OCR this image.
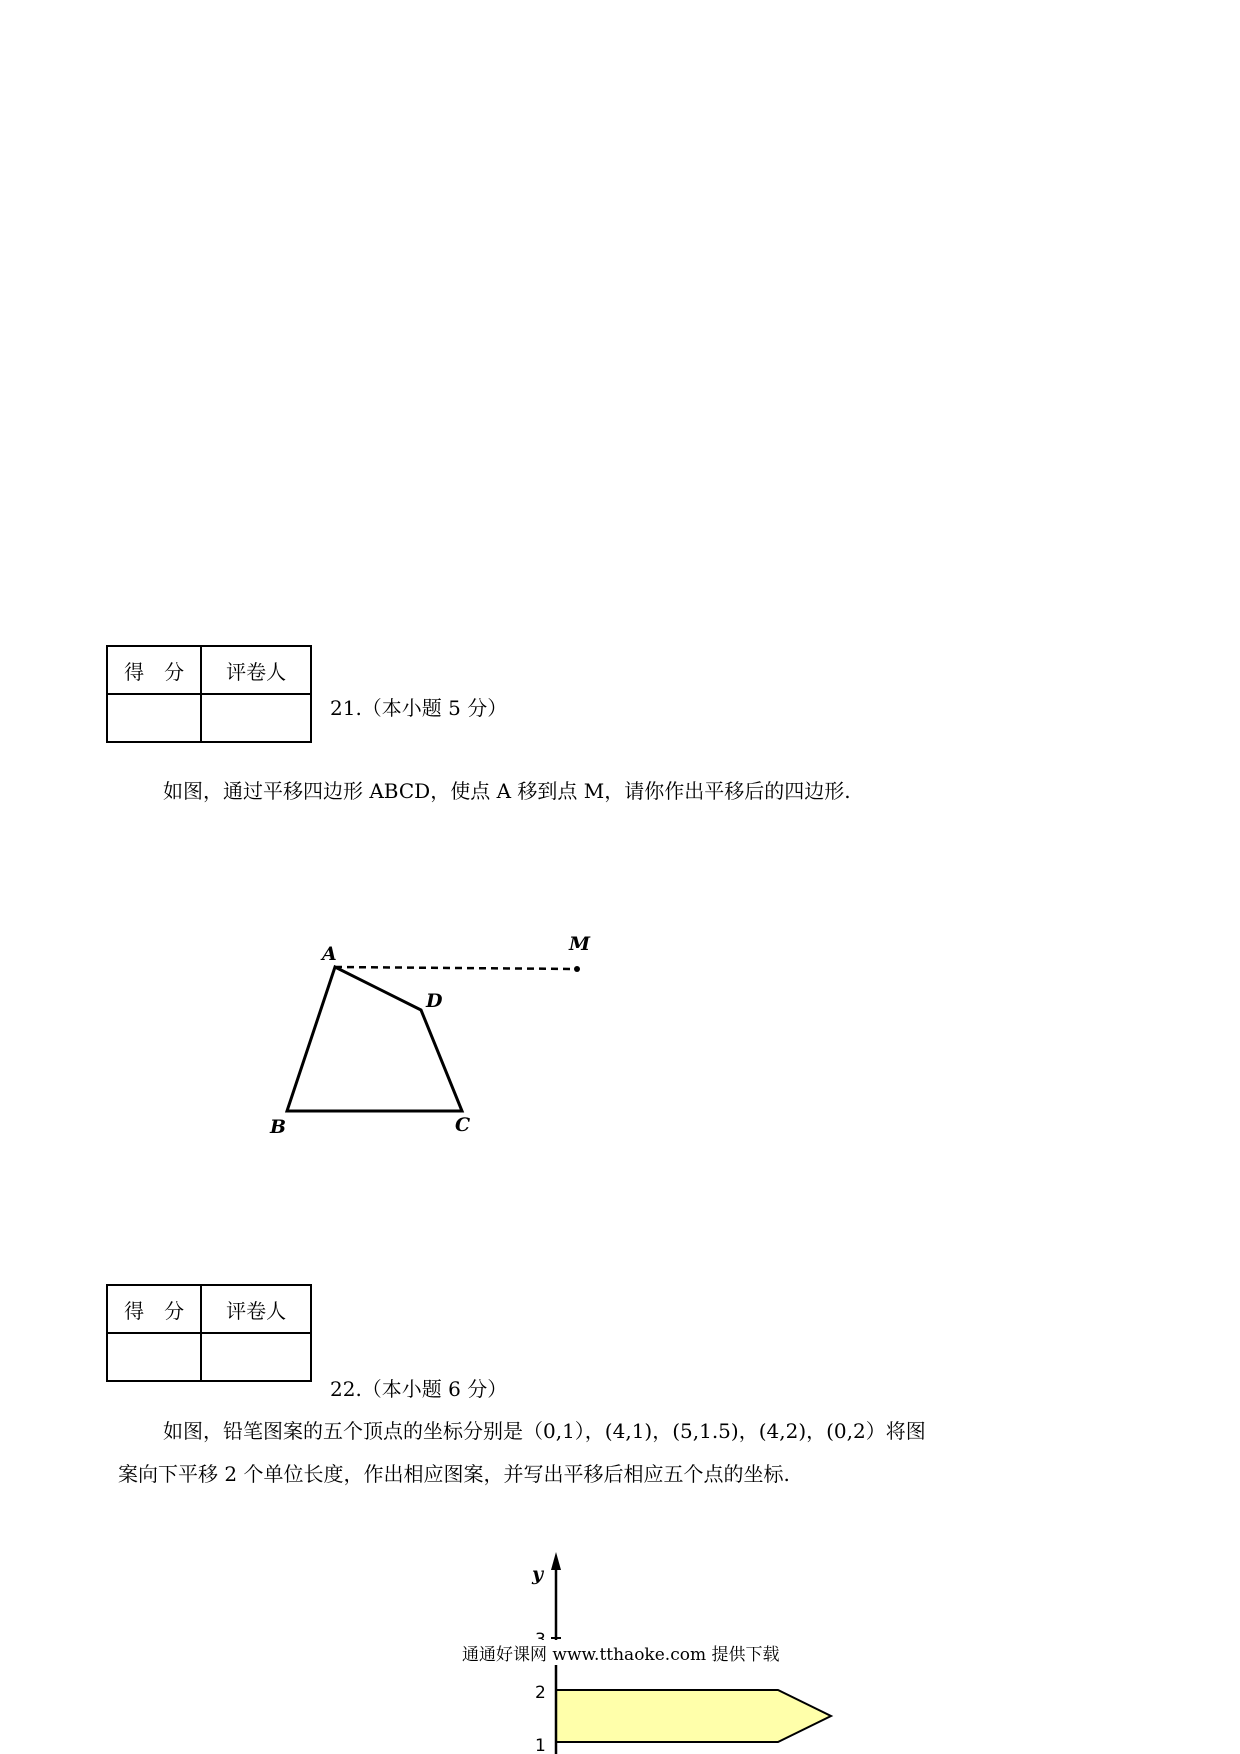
得　分	评卷人

21.（本小题 5 分）
如图，通过平移四边形 ABCD，使点 A 移到点 M，请你作出平移后的四边形.
A	M
D
B	C
得　分	评卷人

22.（本小题 6 分）
如图，铅笔图案的五个顶点的坐标分别是（0,1），(4,1)，(5,1.5)，(4,2)，(0,2）将图
案向下平移 2 个单位长度，作出相应图案，并写出平移后相应五个点的坐标.
y
2
1
通通好课网 www.tthaoke.com 提供下载
